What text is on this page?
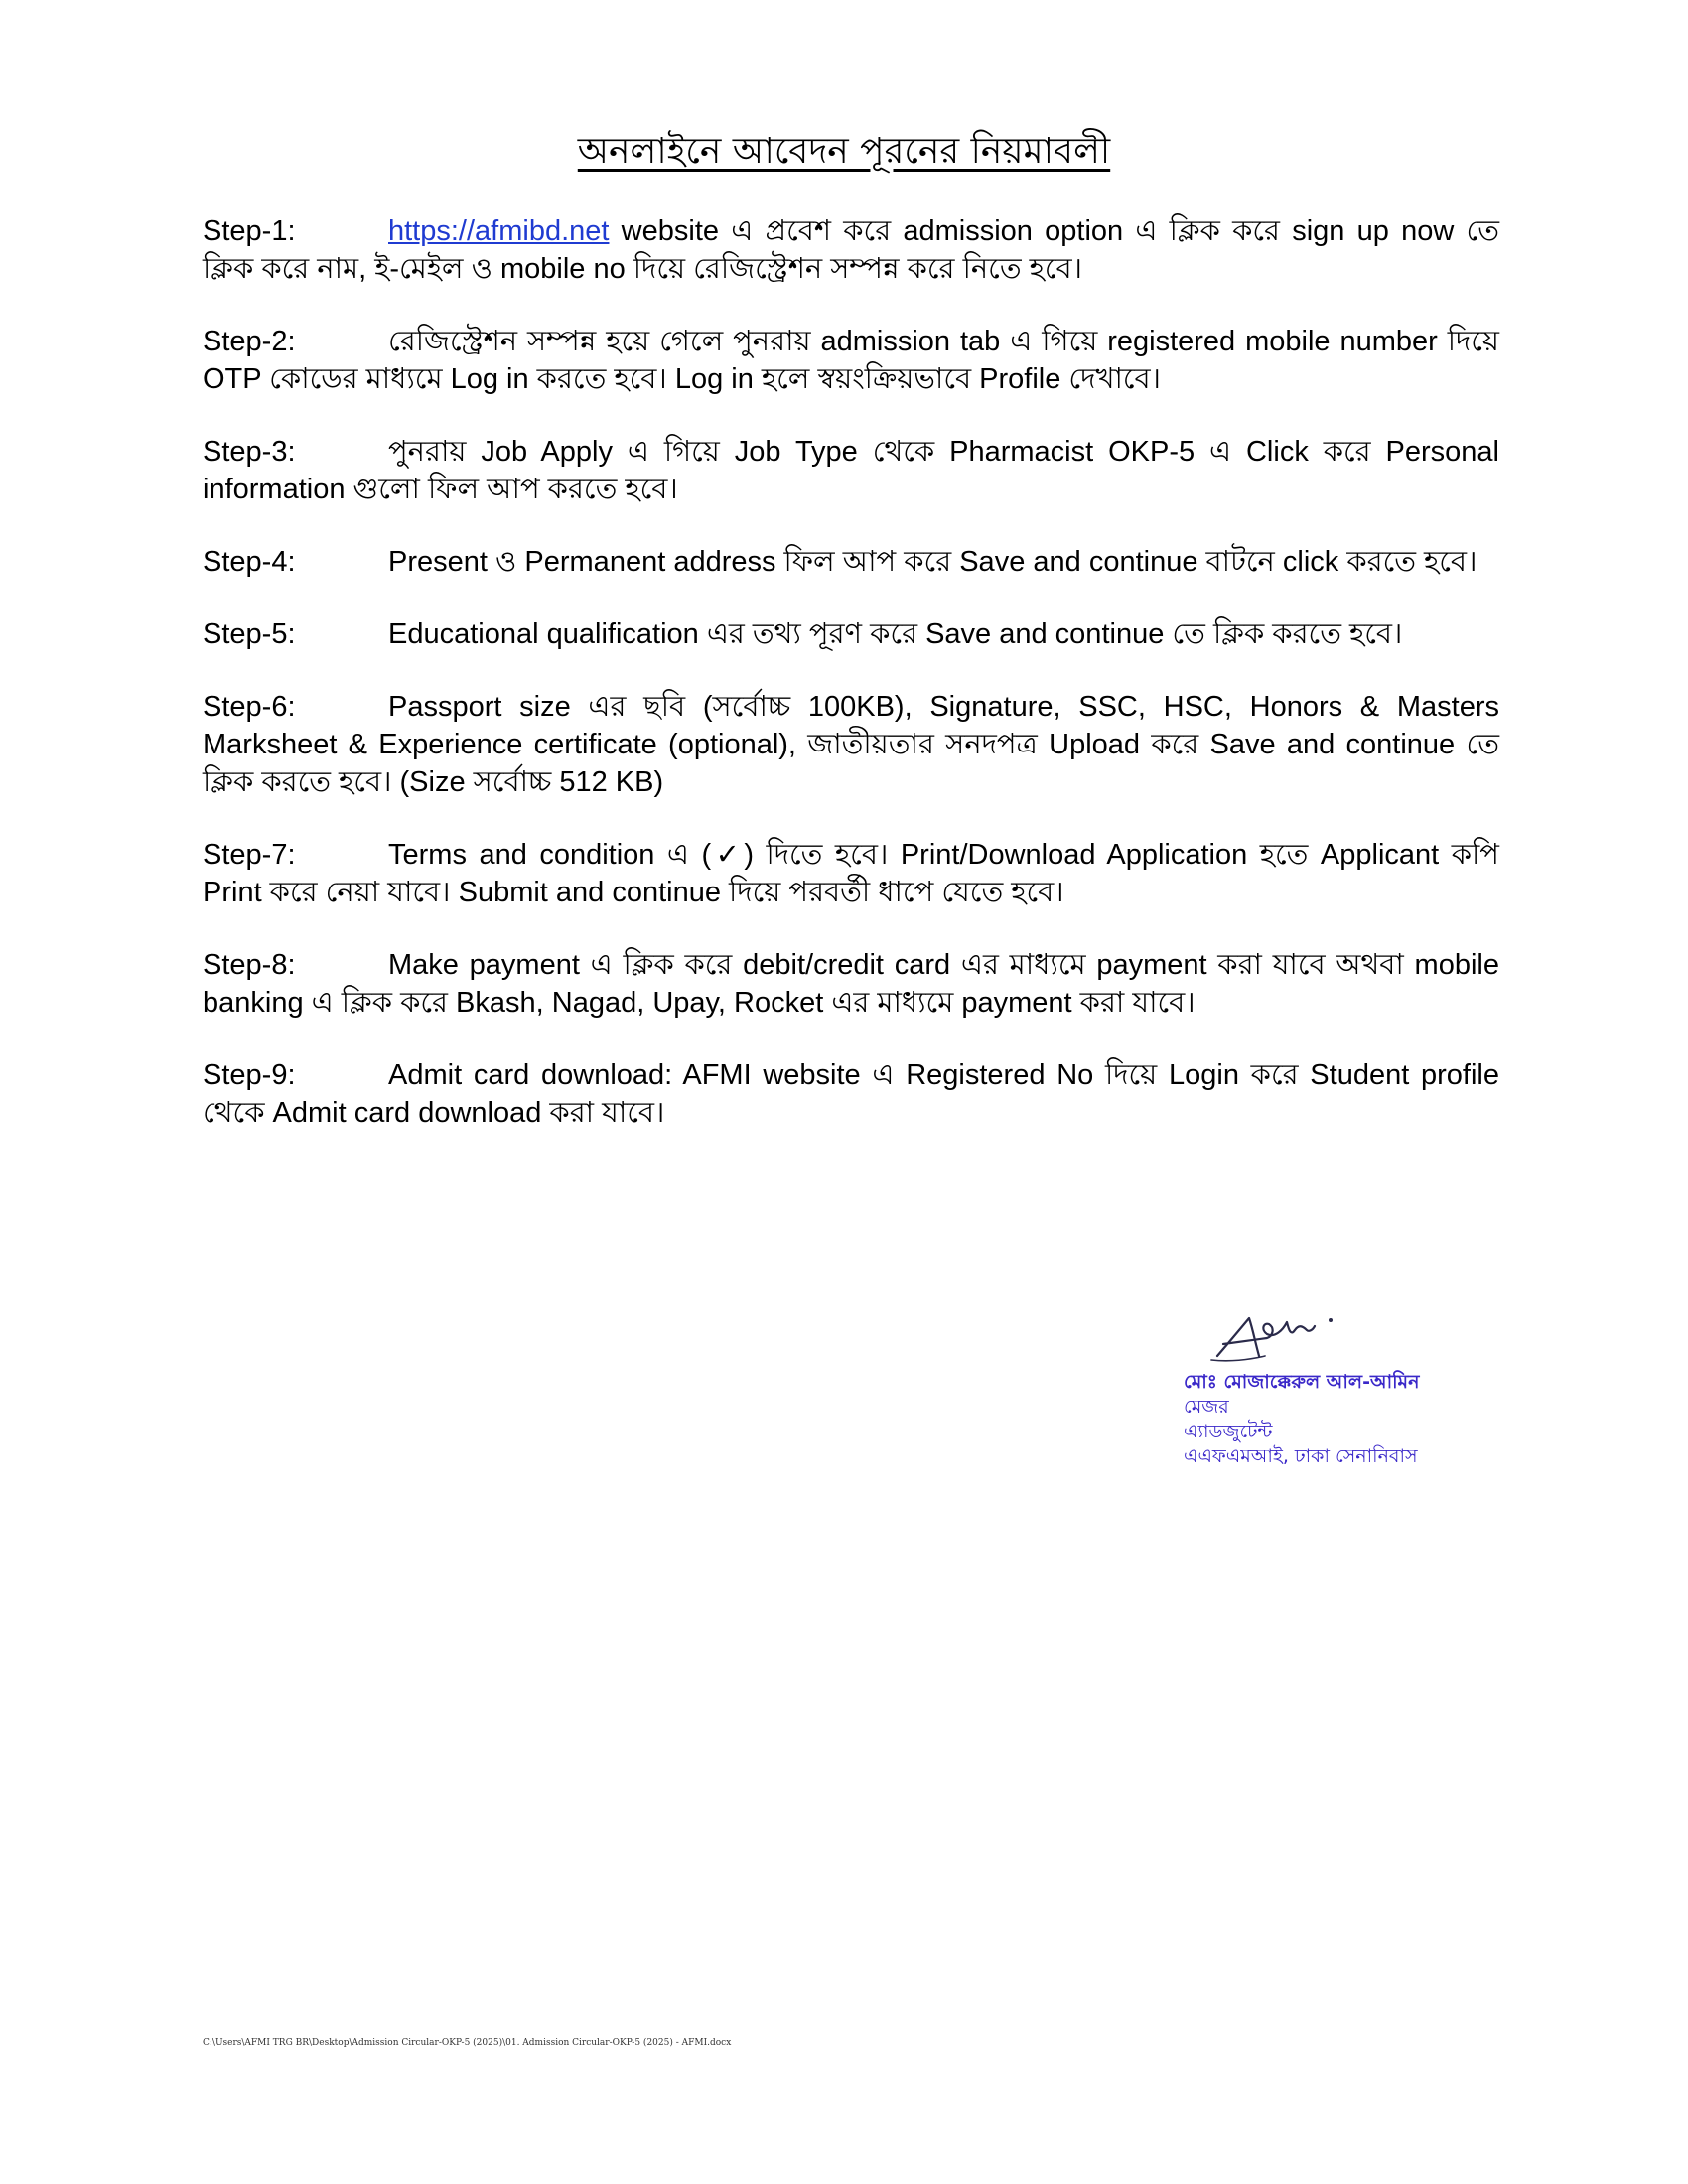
অনলাইনে আবেদন পূরনের নিয়মাবলী

Step-1:	https://afmibd.net website এ প্রবেশ করে admission option এ ক্লিক করে sign up now তে ক্লিক করে নাম, ই-মেইল ও mobile no দিয়ে রেজিস্ট্রেশন সম্পন্ন করে নিতে হবে।

Step-2:	রেজিস্ট্রেশন সম্পন্ন হয়ে গেলে পুনরায় admission tab এ গিয়ে registered mobile number দিয়ে OTP কোডের মাধ্যমে Log in করতে হবে। Log in হলে স্বয়ংক্রিয়ভাবে Profile দেখাবে।

Step-3:	পুনরায় Job Apply এ গিয়ে Job Type থেকে Pharmacist OKP-5 এ Click করে Personal information গুলো ফিল আপ করতে হবে।

Step-4:	Present ও Permanent address ফিল আপ করে Save and continue বাটনে click করতে হবে।

Step-5:	Educational qualification এর তথ্য পূরণ করে Save and continue তে ক্লিক করতে হবে।

Step-6:	Passport size এর ছবি (সর্বোচ্চ 100KB), Signature, SSC, HSC, Honors & Masters Marksheet & Experience certificate (optional), জাতীয়তার সনদপত্র Upload করে Save and continue তে ক্লিক করতে হবে। (Size সর্বোচ্চ 512 KB)

Step-7:	Terms and condition এ (✓) দিতে হবে। Print/Download Application হতে Applicant কপি Print করে নেয়া যাবে। Submit and continue দিয়ে পরবর্তী ধাপে যেতে হবে।

Step-8:	Make payment এ ক্লিক করে debit/credit card এর মাধ্যমে payment করা যাবে অথবা mobile banking এ ক্লিক করে Bkash, Nagad, Upay, Rocket এর মাধ্যমে payment করা যাবে।

Step-9:	Admit card download: AFMI website এ Registered No দিয়ে Login করে Student profile থেকে Admit card download করা যাবে।

মোঃ মোজাক্কেরুল আল-আমিন
মেজর
এ্যাডজুটেন্ট
এএফএমআই, ঢাকা সেনানিবাস
C:\Users\AFMI TRG BR\Desktop\Admission Circular-OKP-5 (2025)\01. Admission Circular-OKP-5 (2025) - AFMI.docx
